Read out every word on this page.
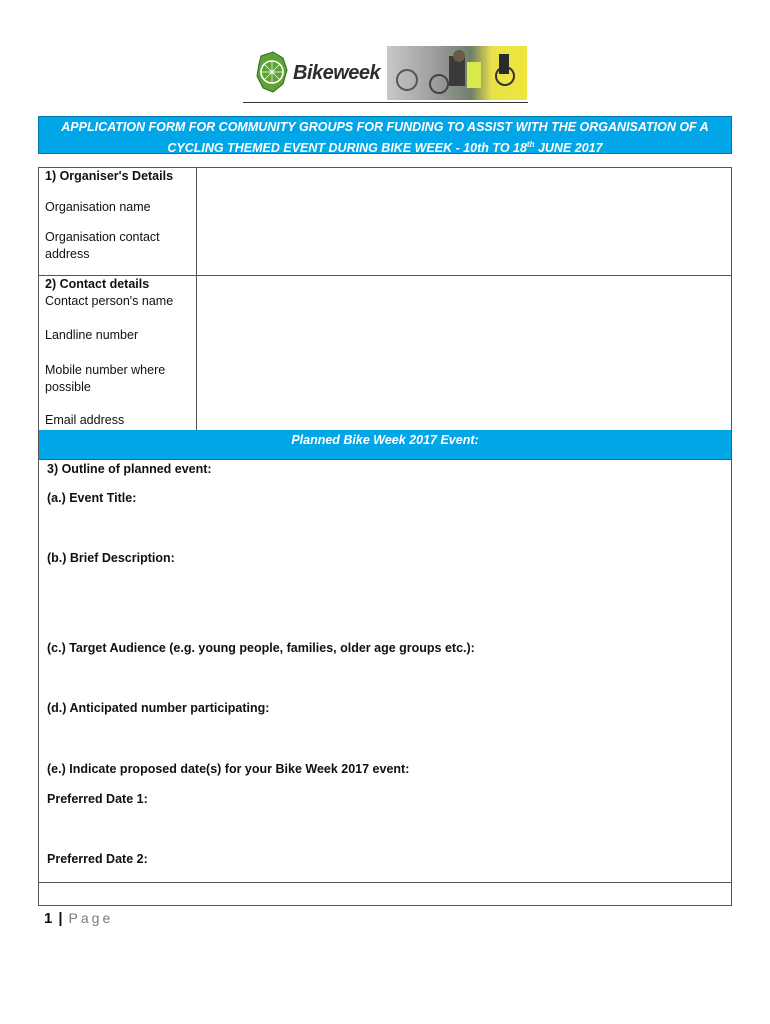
Bikeweek
APPLICATION FORM FOR COMMUNITY GROUPS FOR FUNDING TO ASSIST WITH THE ORGANISATION OF A
CYCLING THEMED EVENT DURING BIKE WEEK - 10th TO 18th JUNE 2017
1) Organiser's Details
Organisation name
Organisation contact address
2) Contact details
Contact person's name
Landline number
Mobile number where possible
Email address
Planned Bike Week 2017 Event:
3) Outline of planned event:
(a.) Event Title:
(b.) Brief Description:
(c.) Target Audience (e.g. young people, families, older age groups etc.):
(d.) Anticipated number participating:
(e.) Indicate proposed date(s) for your Bike Week 2017 event:
Preferred Date 1:
Preferred Date 2:
1 | Page
